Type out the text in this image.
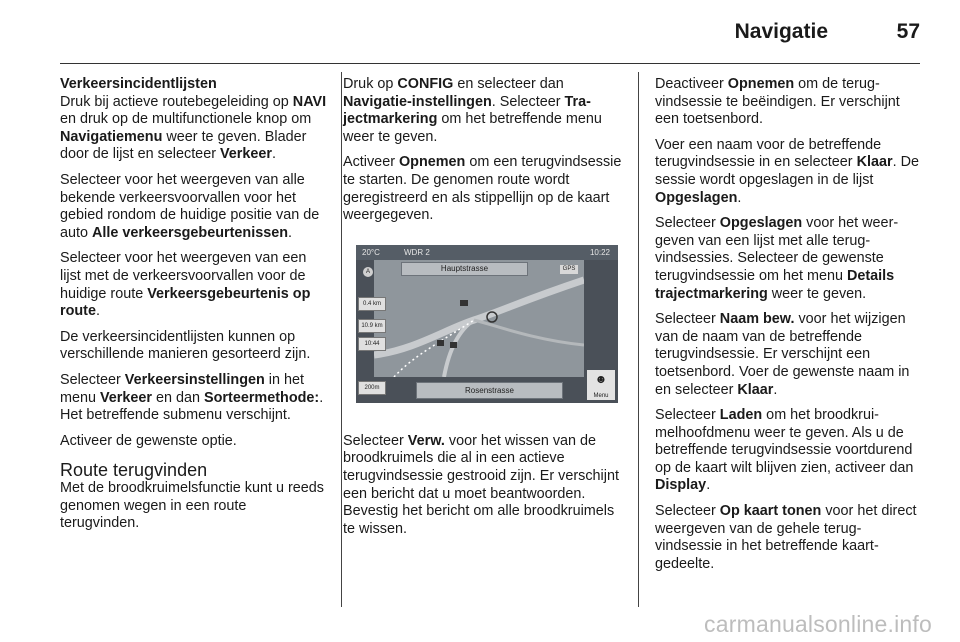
Navigatie	57

Verkeersincidentlijsten
Druk bij actieve routebegeleiding op NAVI en druk op de multifunctionele knop om Navigatiemenu weer te geven. Blader door de lijst en selecteer Verkeer.

Selecteer voor het weergeven van alle bekende verkeersvoorvallen voor het gebied rondom de huidige positie van de auto Alle verkeersgebeurtenissen.

Selecteer voor het weergeven van een lijst met de verkeersvoorvallen voor de huidige route Verkeersgebeurtenis op route.

De verkeersincidentlijsten kunnen op verschillende manieren gesorteerd zijn.

Selecteer Verkeersinstellingen in het menu Verkeer en dan Sorteermethode:. Het betreffende submenu verschijnt.

Activeer de gewenste optie.

Route terugvinden

Met de broodkruimelsfunctie kunt u reeds genomen wegen in een route terugvinden.

Druk op CONFIG en selecteer dan Navigatie-instellingen. Selecteer Trajectmarkering om het betreffende menu weer te geven.

Activeer Opnemen om een terugvindsessie te starten. De genomen route wordt geregistreerd en als stippellijn op de kaart weergegeven.

20°C	WDR 2	10:22
A	Hauptstrasse	GPS
0.4 km
10.9 km
10:44
200m	Rosenstrasse
☻
Menu

Selecteer Verw. voor het wissen van de broodkruimels die al in een actieve terugvindsessie gestrooid zijn. Er verschijnt een bericht dat u moet beantwoorden. Bevestig het bericht om alle broodkruimels te wissen.

Deactiveer Opnemen om de terugvindsessie te beëindigen. Er verschijnt een toetsenbord.

Voer een naam voor de betreffende terugvindsessie in en selecteer Klaar. De sessie wordt opgeslagen in de lijst Opgeslagen.

Selecteer Opgeslagen voor het weergeven van een lijst met alle terugvindsessies. Selecteer de gewenste terugvindsessie om het menu Details trajectmarkering weer te geven.

Selecteer Naam bew. voor het wijzigen van de naam van de betreffende terugvindsessie. Er verschijnt een toetsenbord. Voer de gewenste naam in en selecteer Klaar.

Selecteer Laden om het broodkruimelhoofdmenu weer te geven. Als u de betreffende terugvindsessie voortdurend op de kaart wilt blijven zien, activeer dan Display.

Selecteer Op kaart tonen voor het direct weergeven van de gehele terugvindsessie in het betreffende kaartgedeelte.

carmanualsonline.info
